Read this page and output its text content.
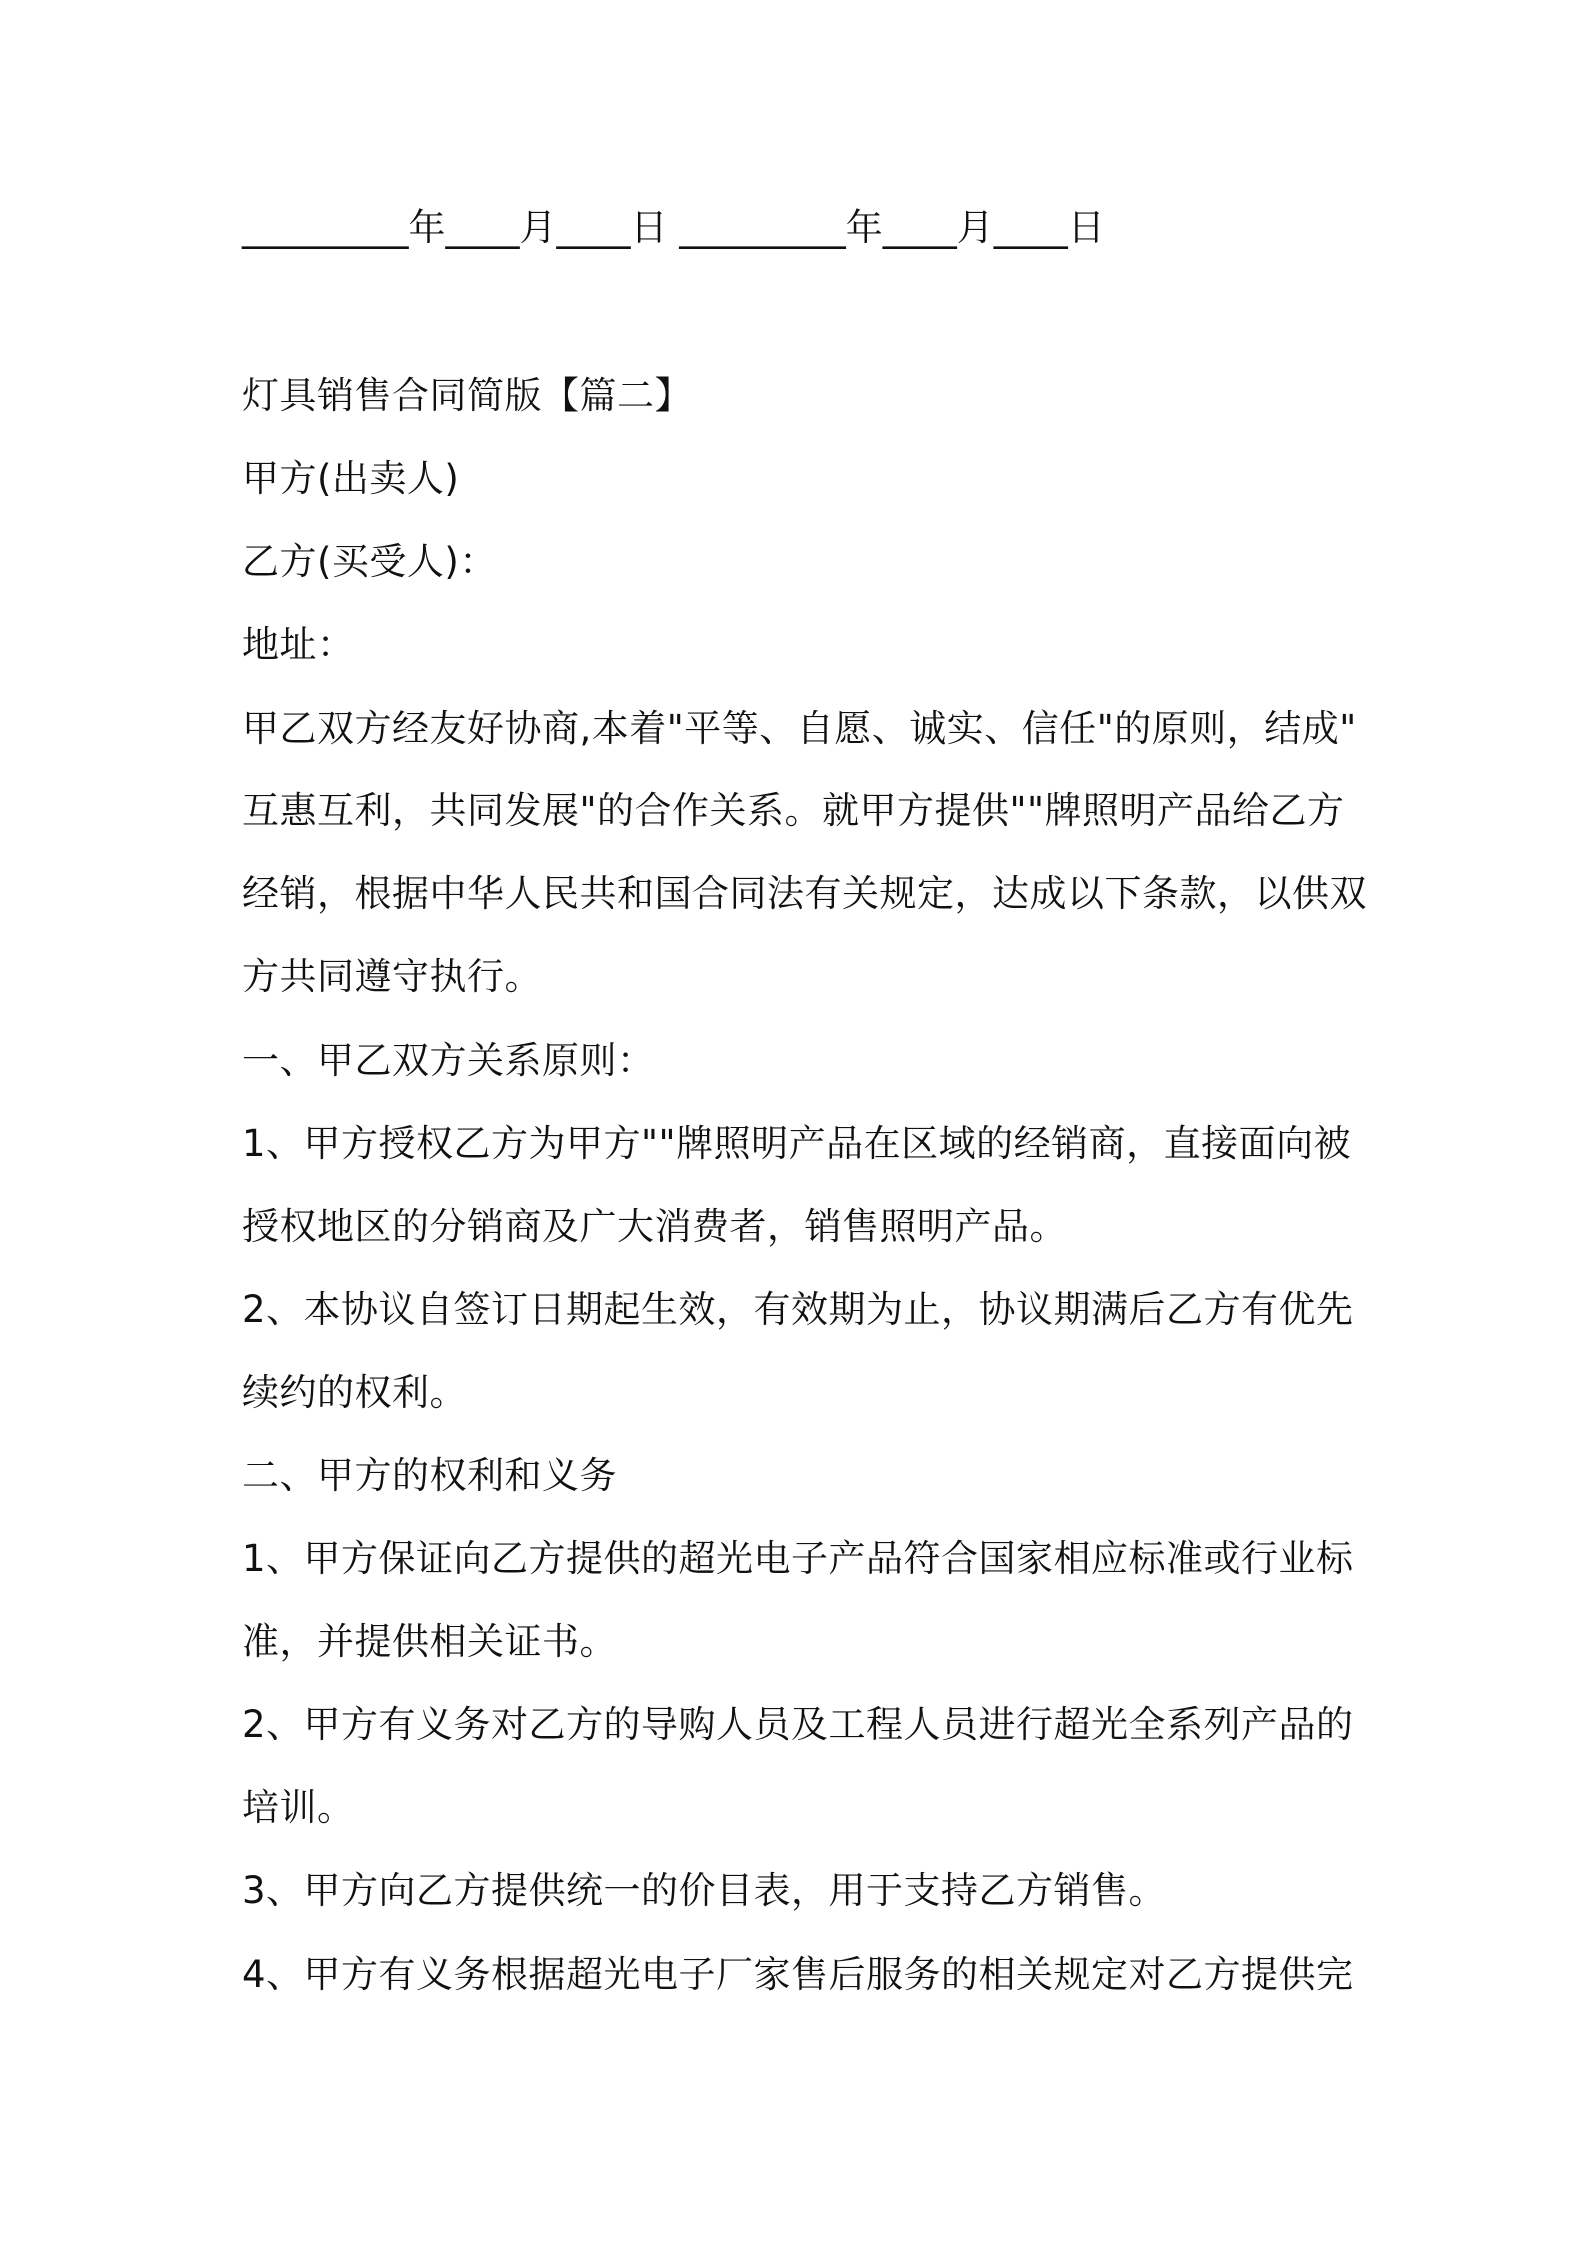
_________年____月____日 _________年____月____日
灯具销售合同简版【篇二】
甲方(出卖人)
乙方(买受人)：
地址：
甲乙双方经友好协商,本着"平等、自愿、诚实、信任"的原则，结成"
互惠互利，共同发展"的合作关系。就甲方提供""牌照明产品给乙方
经销，根据中华人民共和国合同法有关规定，达成以下条款，以供双
方共同遵守执行。
一、甲乙双方关系原则：
1、甲方授权乙方为甲方""牌照明产品在区域的经销商，直接面向被
授权地区的分销商及广大消费者，销售照明产品。
2、本协议自签订日期起生效，有效期为止，协议期满后乙方有优先
续约的权利。
二、甲方的权利和义务
1、甲方保证向乙方提供的超光电子产品符合国家相应标准或行业标
准，并提供相关证书。
2、甲方有义务对乙方的导购人员及工程人员进行超光全系列产品的
培训。
3、甲方向乙方提供统一的价目表，用于支持乙方销售。
4、甲方有义务根据超光电子厂家售后服务的相关规定对乙方提供完
